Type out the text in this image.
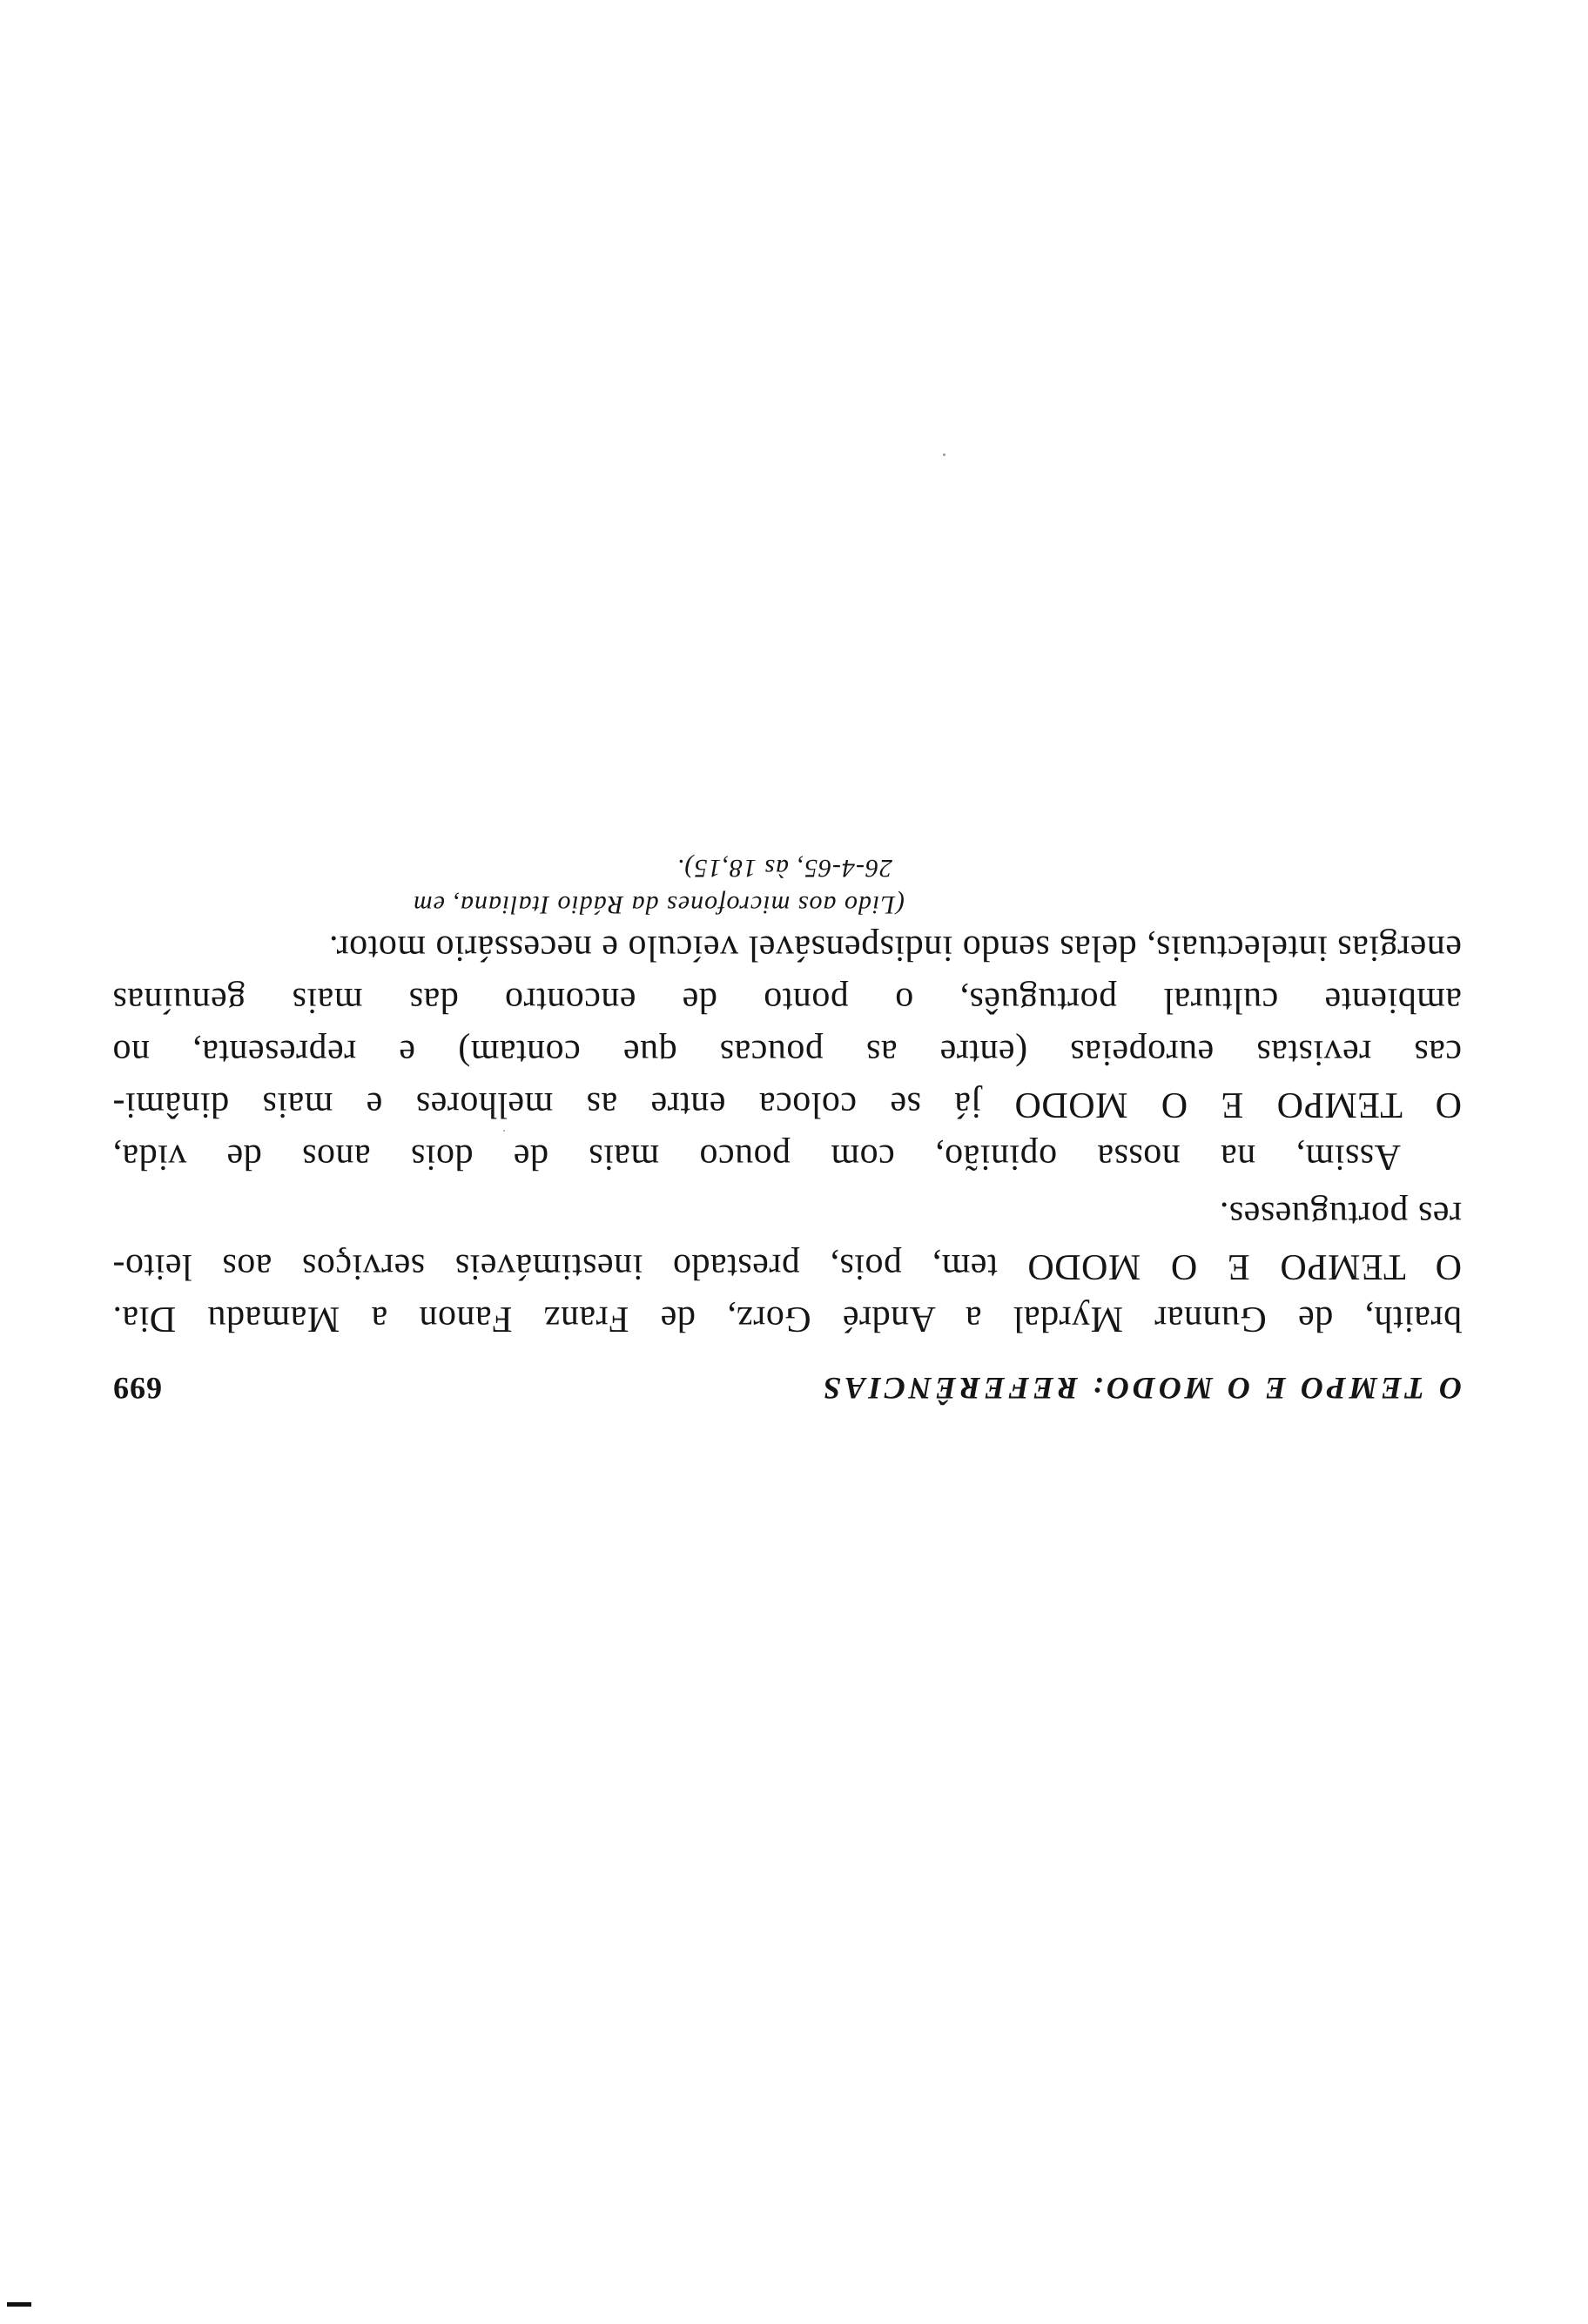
O TEMPO E O MODO: REFERÊNCIAS
699
braith, de Gunnar Myrdal a André Gorz, de Franz Fanon a Mamadu Dia.
O TEMPO E O MODO tem, pois, prestado inestimáveis serviços aos leito-
res portugueses.
Assim, na nossa opinião, com pouco mais de dois anos de vida,
O TEMPO E O MODO já se coloca entre as melhores e mais dinâmi-
cas revistas europeias (entre as poucas que contam) e representa, no
ambiente cultural português, o ponto de encontro das mais genuínas
energias intelectuais, delas sendo indispensável veículo e necessário motor.
(Lido aos microfones da Rádio Italiana, em
26-4-65, às 18,15).
